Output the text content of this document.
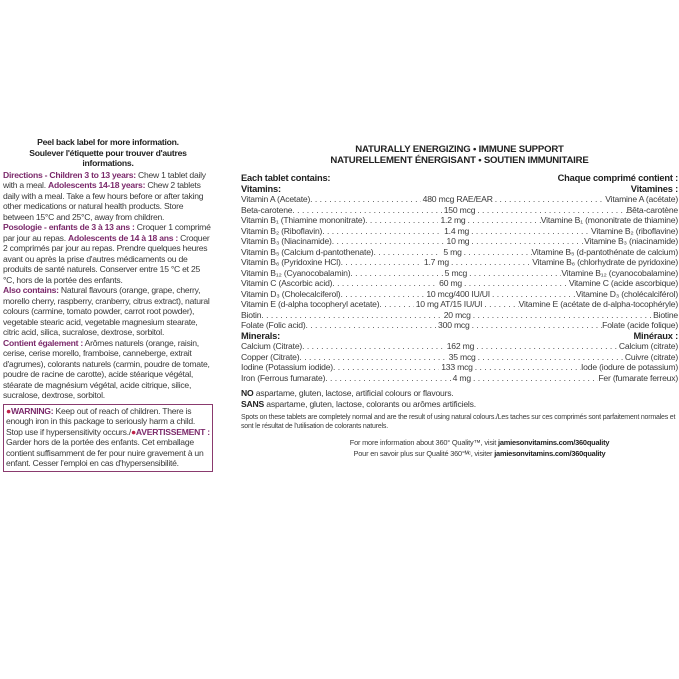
Peel back label for more information.
Soulever l'étiquette pour trouver d'autres informations.
Directions - Children 3 to 13 years: Chew 1 tablet daily with a meal. Adolescents 14-18 years: Chew 2 tablets daily with a meal. Take a few hours before or after taking other medications or natural health products. Store between 15°C and 25°C, away from children.
Posologie - enfants de 3 à 13 ans : Croquer 1 comprimé par jour au repas. Adolescents de 14 à 18 ans : Croquer 2 comprimés par jour au repas. Prendre quelques heures avant ou après la prise d'autres médicaments ou de produits de santé naturels. Conserver entre 15 °C et 25 °C, hors de la portée des enfants.
Also contains: Natural flavours (orange, grape, cherry, morello cherry, raspberry, cranberry, citrus extract), natural colours (carmine, tomato powder, carrot root powder), vegetable stearic acid, vegetable magnesium stearate, citric acid, silica, sucralose, dextrose, sorbitol.
Contient également : Arômes naturels (orange, raisin, cerise, cerise morello, framboise, canneberge, extrait d'agrumes), colorants naturels (carmin, poudre de tomate, poudre de racine de carotte), acide stéarique végétal, stéarate de magnésium végétal, acide citrique, silice, sucralose, dextrose, sorbitol.
●WARNING: Keep out of reach of children. There is enough iron in this package to seriously harm a child. Stop use if hypersensitivity occurs./●AVERTISSEMENT : Garder hors de la portée des enfants. Cet emballage contient suffisamment de fer pour nuire gravement à un enfant. Cesser l'emploi en cas d'hypersensibilité.
NATURALLY ENERGIZING • IMMUNE SUPPORT
NATURELLEMENT ÉNERGISANT • SOUTIEN IMMUNITAIRE
Each tablet contains:	Chaque comprimé contient :
Vitamins:	Vitamines :
Vitamin A (Acetate) . . .	480 mcg RAE/EAR . . .	Vitamine A (acétate)
Beta-carotene . . .	150 mcg . . .	Bêta-carotène
Vitamin B₁ (Thiamine mononitrate) . . .	1.2 mg . . .	Vitamine B₁ (mononitrate de thiamine)
Vitamin B₂ (Riboflavin) . . .	1.4 mg . . .	Vitamine B₂ (riboflavine)
Vitamin B₃ (Niacinamide) . . .	10 mg . . .	Vitamine B₃ (niacinamide)
Vitamin B₅ (Calcium d-pantothenate) . . .	5 mg . . .	Vitamine B₅ (d-pantothénate de calcium)
Vitamin B₆ (Pyridoxine HCl) . . .	1.7 mg . . .	Vitamine B₆ (chlorhydrate de pyridoxine)
Vitamin B₁₂ (Cyanocobalamin) . . .	5 mcg . . .	Vitamine B₁₂ (cyanocobalamine)
Vitamin C (Ascorbic acid) . . .	60 mg . . .	Vitamine C (acide ascorbique)
Vitamin D₃ (Cholecalciferol) . . .	10 mcg/400 IU/UI . . .	Vitamine D₃ (cholécalciférol)
Vitamin E (d-alpha tocopheryl acetate) . . .	10 mg AT/15 IU/UI . . .	Vitamine E (acétate de d-alpha-tocophéryle)
Biotin . . .	20 mcg . . .	Biotine
Folate (Folic acid) . . .	300 mcg . . .	Folate (acide folique)
Minerals:	Minéraux :
Calcium (Citrate) . . .	162 mg . . .	Calcium (citrate)
Copper (Citrate) . . .	35 mcg . . .	Cuivre (citrate)
Iodine (Potassium iodide) . . .	133 mcg . . .	Iode (iodure de potassium)
Iron (Ferrous fumarate) . . .	4 mg . . .	Fer (fumarate ferreux)
NO aspartame, gluten, lactose, artificial colours or flavours.
SANS aspartame, gluten, lactose, colorants ou arômes artificiels.
Spots on these tablets are completely normal and are the result of using natural colours./Les taches sur ces comprimés sont parfaitement normales et sont le résultat de l'utilisation de colorants naturels.
For more information about 360° Quality™, visit jamiesonvitamins.com/360quality
Pour en savoir plus sur Qualité 360°ᴹᶜ, visiter jamiesonvitamins.com/360quality
